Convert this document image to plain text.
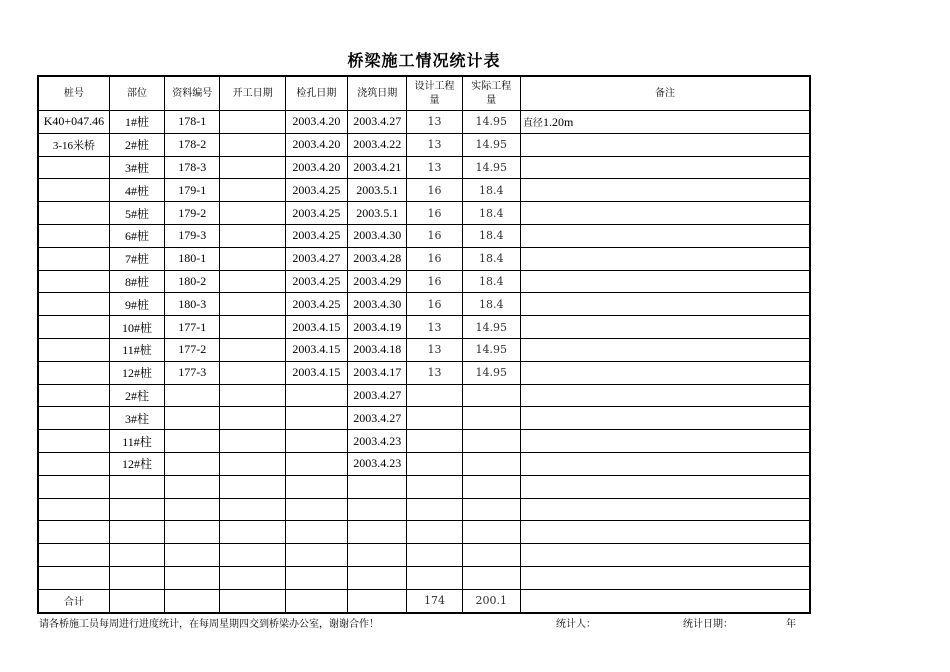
桥梁施工情况统计表
桩号	部位	资料编号	开工日期	检孔日期	浇筑日期	设计工程量	实际工程量	备注
K40+047.46	1#桩	178-1		2003.4.20	2003.4.27	13	14.95	直径1.20m
3-16米桥	2#桩	178-2		2003.4.20	2003.4.22	13	14.95	
	3#桩	178-3		2003.4.20	2003.4.21	13	14.95	
	4#桩	179-1		2003.4.25	2003.5.1	16	18.4	
	5#桩	179-2		2003.4.25	2003.5.1	16	18.4	
	6#桩	179-3		2003.4.25	2003.4.30	16	18.4	
	7#桩	180-1		2003.4.27	2003.4.28	16	18.4	
	8#桩	180-2		2003.4.25	2003.4.29	16	18.4	
	9#桩	180-3		2003.4.25	2003.4.30	16	18.4	
	10#桩	177-1		2003.4.15	2003.4.19	13	14.95	
	11#桩	177-2		2003.4.15	2003.4.18	13	14.95	
	12#桩	177-3		2003.4.15	2003.4.17	13	14.95	
	2#柱				2003.4.27			
	3#柱				2003.4.27			
	11#柱				2003.4.23			
	12#柱				2003.4.23			

合计						174	200.1	
请各桥施工员每周进行进度统计，在每周星期四交到桥梁办公室，谢谢合作！	统计人：	统计日期：	年
